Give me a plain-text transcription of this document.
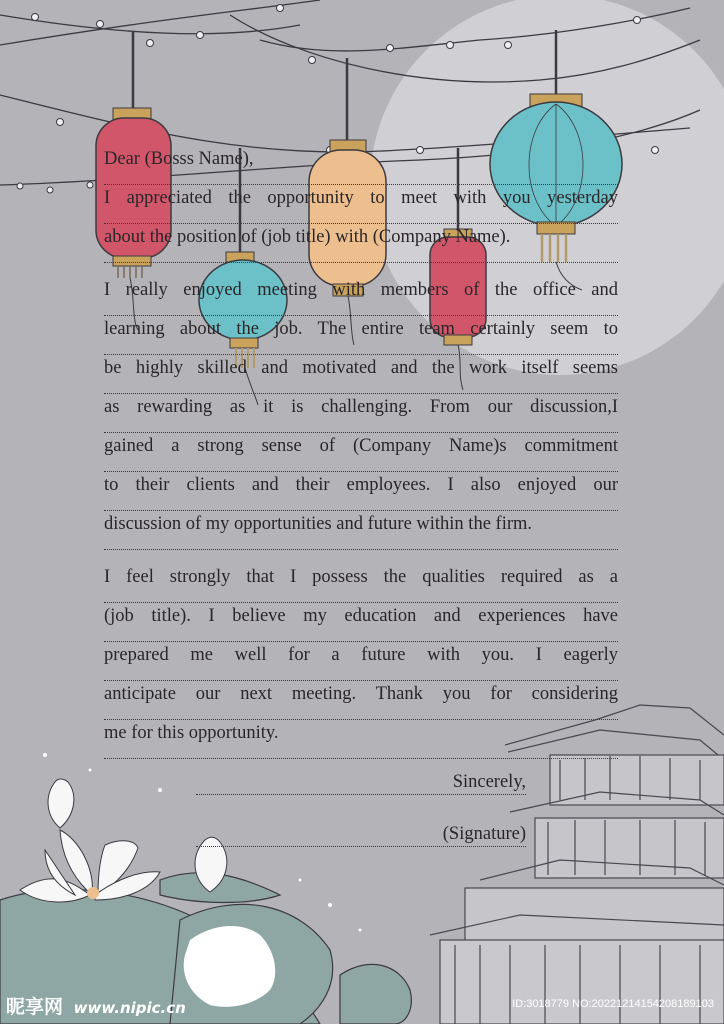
Dear (Bosss Name),
I appreciated the opportunity to meet with you yesterday
about the position of (job title) with (Company Name).
I really enjoyed meeting with members of the office and
learning about the job. The entire team certainly seem to
be highly skilled and motivated and the work itself seems
as rewarding as it is challenging. From our discussion,I
gained a strong sense of (Company Name)s commitment
to their clients and their employees. I also enjoyed our
discussion of my opportunities and future within the firm.
I feel strongly that I possess the qualities required as a
(job title). I believe my education and experiences have
prepared me well for a future with you. I eagerly
anticipate our next meeting. Thank you for considering
me for this opportunity.
Sincerely,
(Signature)
昵享网 www.nipic.cn	ID:3018779 NO:20221214154208189103
